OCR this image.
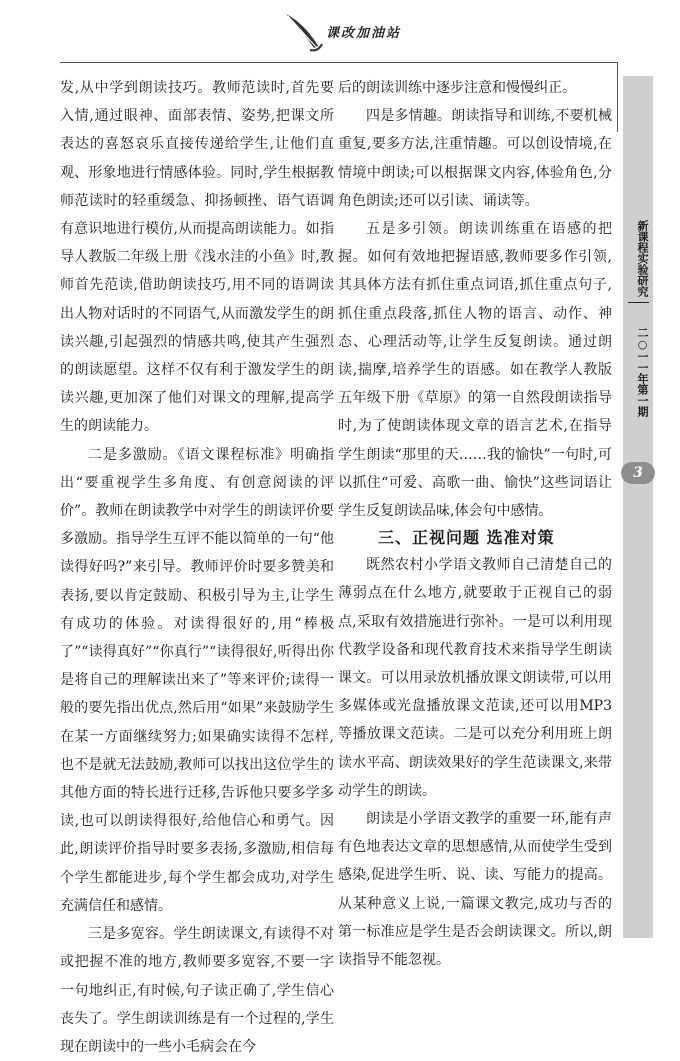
课改加油站
新课程实验研究
二○一一年第一期
3

发,从中学到朗读技巧。教师范读时,首先要入情,通过眼神、面部表情、姿势,把课文所表达的喜怒哀乐直接传递给学生,让他们直观、形象地进行情感体验。同时,学生根据教师范读时的轻重缓急、抑扬顿挫、语气语调有意识地进行模仿,从而提高朗读能力。如指导人教版二年级上册《浅水洼的小鱼》时,教师首先范读,借助朗读技巧,用不同的语调读出人物对话时的不同语气,从而激发学生的朗读兴趣,引起强烈的情感共鸣,使其产生强烈的朗读愿望。这样不仅有利于激发学生的朗读兴趣,更加深了他们对课文的理解,提高学生的朗读能力。

二是多激励。《语文课程标准》明确指出“要重视学生多角度、有创意阅读的评价”。教师在朗读教学中对学生的朗读评价要多激励。指导学生互评不能以简单的一句“他读得好吗?”来引导。教师评价时要多赞美和表扬,要以肯定鼓励、积极引导为主,让学生有成功的体验。对读得很好的,用“棒极了”“读得真好”“你真行”“读得很好,听得出你是将自己的理解读出来了”等来评价;读得一般的要先指出优点,然后用“如果”来鼓励学生在某一方面继续努力;如果确实读得不怎样,也不是就无法鼓励,教师可以找出这位学生的其他方面的特长进行迁移,告诉他只要多学多读,也可以朗读得很好,给他信心和勇气。因此,朗读评价指导时要多表扬,多激励,相信每个学生都能进步,每个学生都会成功,对学生充满信任和感情。

三是多宽容。学生朗读课文,有读得不对或把握不准的地方,教师要多宽容,不要一字一句地纠正,有时候,句子读正确了,学生信心丧失了。学生朗读训练是有一个过程的,学生现在朗读中的一些小毛病会在今

后的朗读训练中逐步注意和慢慢纠正。

四是多情趣。朗读指导和训练,不要机械重复,要多方法,注重情趣。可以创设情境,在情境中朗读;可以根据课文内容,体验角色,分角色朗读;还可以引读、诵读等。

五是多引领。朗读训练重在语感的把握。如何有效地把握语感,教师要多作引领,其具体方法有抓住重点词语,抓住重点句子,抓住重点段落,抓住人物的语言、动作、神态、心理活动等,让学生反复朗读。通过朗读,揣摩,培养学生的语感。如在教学人教版五年级下册《草原》的第一自然段朗读指导时,为了使朗读体现文章的语言艺术,在指导学生朗读“那里的天……我的愉快”一句时,可以抓住“可爱、高歌一曲、愉快”这些词语让学生反复朗读品味,体会句中感情。

三、正视问题 选准对策

既然农村小学语文教师自己清楚自己的薄弱点在什么地方,就要敢于正视自己的弱点,采取有效措施进行弥补。一是可以利用现代教学设备和现代教育技术来指导学生朗读课文。可以用录放机播放课文朗读带,可以用多媒体或光盘播放课文范读,还可以用MP3等播放课文范读。二是可以充分利用班上朗读水平高、朗读效果好的学生范读课文,来带动学生的朗读。

朗读是小学语文教学的重要一环,能有声有色地表达文章的思想感情,从而使学生受到感染,促进学生听、说、读、写能力的提高。从某种意义上说,一篇课文教完,成功与否的第一标准应是学生是否会朗读课文。所以,朗读指导不能忽视。
